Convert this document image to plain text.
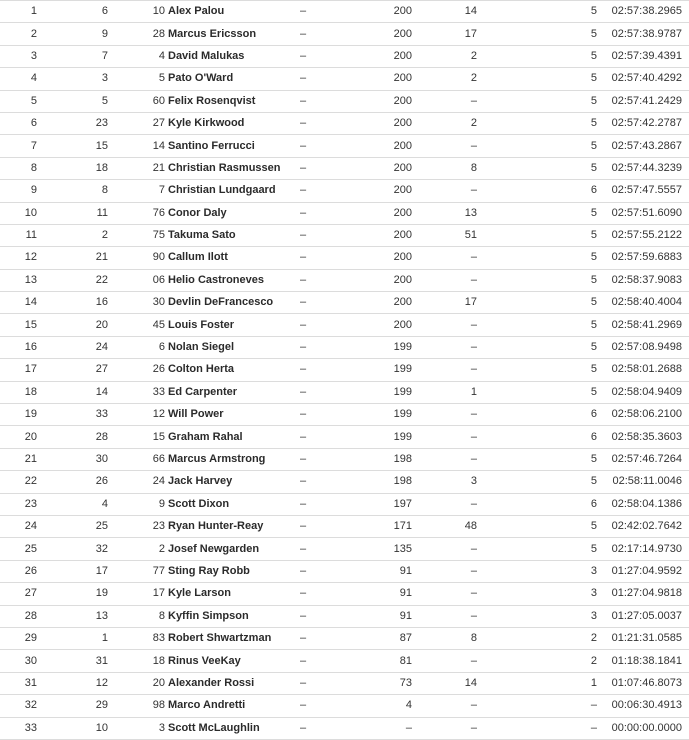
1	6	10 Alex Palou	–	200	14	5	02:57:38.2965
2	9	28 Marcus Ericsson	–	200	17	5	02:57:38.9787
3	7	4 David Malukas	–	200	2	5	02:57:39.4391
4	3	5 Pato O'Ward	–	200	2	5	02:57:40.4292
5	5	60 Felix Rosenqvist	–	200	–	5	02:57:41.2429
6	23	27 Kyle Kirkwood	–	200	2	5	02:57:42.2787
7	15	14 Santino Ferrucci	–	200	–	5	02:57:43.2867
8	18	21 Christian Rasmussen	–	200	8	5	02:57:44.3239
9	8	7 Christian Lundgaard	–	200	–	6	02:57:47.5557
10	11	76 Conor Daly	–	200	13	5	02:57:51.6090
11	2	75 Takuma Sato	–	200	51	5	02:57:55.2122
12	21	90 Callum Ilott	–	200	–	5	02:57:59.6883
13	22	06 Helio Castroneves	–	200	–	5	02:58:37.9083
14	16	30 Devlin DeFrancesco	–	200	17	5	02:58:40.4004
15	20	45 Louis Foster	–	200	–	5	02:58:41.2969
16	24	6 Nolan Siegel	–	199	–	5	02:57:08.9498
17	27	26 Colton Herta	–	199	–	5	02:58:01.2688
18	14	33 Ed Carpenter	–	199	1	5	02:58:04.9409
19	33	12 Will Power	–	199	–	6	02:58:06.2100
20	28	15 Graham Rahal	–	199	–	6	02:58:35.3603
21	30	66 Marcus Armstrong	–	198	–	5	02:57:46.7264
22	26	24 Jack Harvey	–	198	3	5	02:58:11.0046
23	4	9 Scott Dixon	–	197	–	6	02:58:04.1386
24	25	23 Ryan Hunter-Reay	–	171	48	5	02:42:02.7642
25	32	2 Josef Newgarden	–	135	–	5	02:17:14.9730
26	17	77 Sting Ray Robb	–	91	–	3	01:27:04.9592
27	19	17 Kyle Larson	–	91	–	3	01:27:04.9818
28	13	8 Kyffin Simpson	–	91	–	3	01:27:05.0037
29	1	83 Robert Shwartzman	–	87	8	2	01:21:31.0585
30	31	18 Rinus VeeKay	–	81	–	2	01:18:38.1841
31	12	20 Alexander Rossi	–	73	14	1	01:07:46.8073
32	29	98 Marco Andretti	–	4	–	–	00:06:30.4913
33	10	3 Scott McLaughlin	–	–	–	–	00:00:00.0000
